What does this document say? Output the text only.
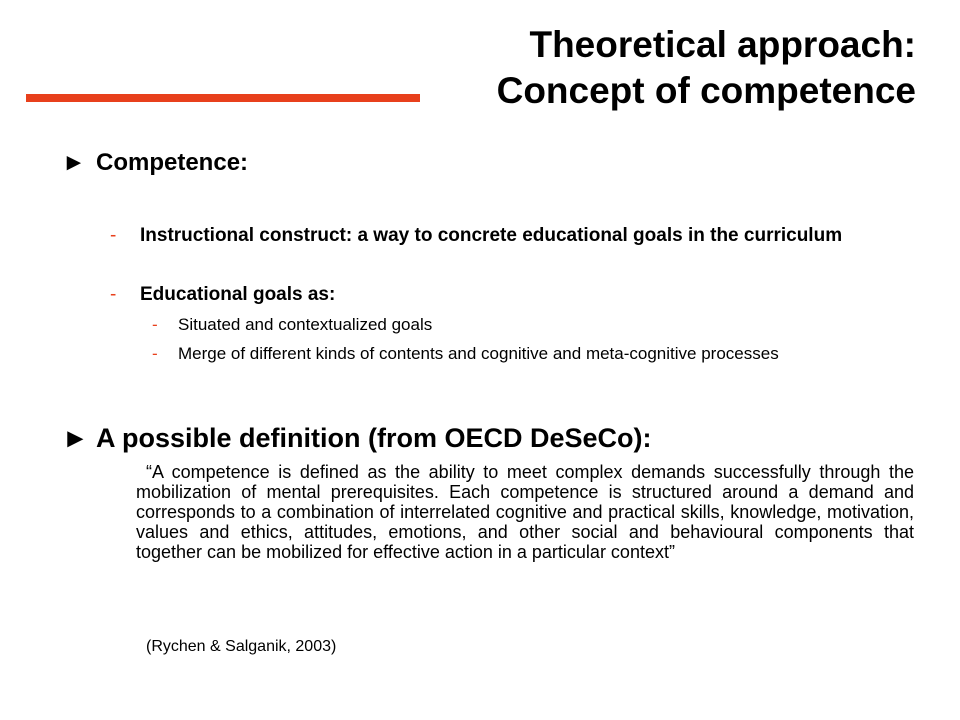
Theoretical approach:
Concept of competence
► Competence:
- Instructional construct: a way to concrete educational goals in the curriculum
- Educational goals as:
- Situated and contextualized goals
- Merge of different kinds of contents and cognitive and meta-cognitive processes
► A possible definition (from OECD DeSeCo):
“A competence is defined as the ability to meet complex demands successfully through the mobilization of mental prerequisites. Each competence is structured around a demand and corresponds to a combination of interrelated cognitive and practical skills, knowledge, motivation, values and ethics, attitudes, emotions, and other social and behavioural components that together can be mobilized for effective action in a particular context”
(Rychen & Salganik, 2003)
